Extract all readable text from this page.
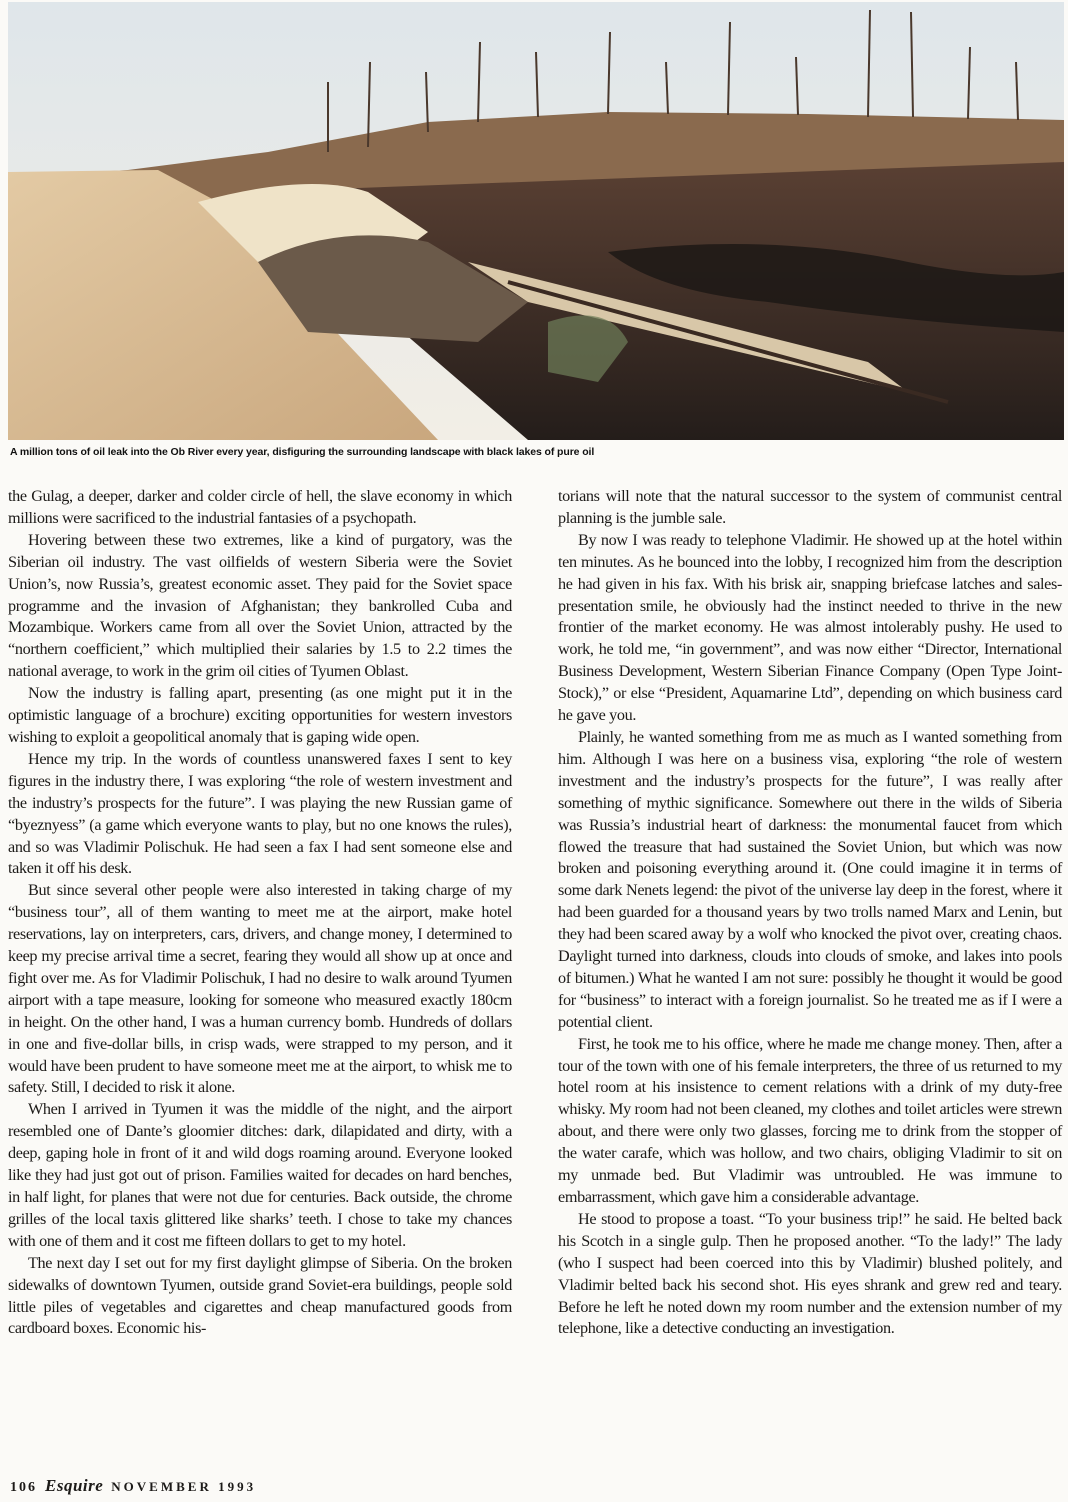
A million tons of oil leak into the Ob River every year, disfiguring the surrounding landscape with black lakes of pure oil

the Gulag, a deeper, darker and colder circle of hell, the slave economy in which millions were sacrificed to the industrial fantasies of a psychopath.

Hovering between these two extremes, like a kind of purgatory, was the Siberian oil industry. The vast oilfields of western Siberia were the Soviet Union’s, now Russia’s, greatest economic asset. They paid for the Soviet space programme and the invasion of Afghanistan; they bankrolled Cuba and Mozambique. Workers came from all over the Soviet Union, attracted by the “northern coefficient,” which multiplied their salaries by 1.5 to 2.2 times the national average, to work in the grim oil cities of Tyumen Oblast.

Now the industry is falling apart, presenting (as one might put it in the optimistic language of a brochure) exciting opportunities for western investors wishing to exploit a geopolitical anomaly that is gaping wide open.

Hence my trip. In the words of countless unanswered faxes I sent to key figures in the industry there, I was exploring “the role of western investment and the industry’s prospects for the future”. I was playing the new Russian game of “byeznyess” (a game which everyone wants to play, but no one knows the rules), and so was Vladimir Polischuk. He had seen a fax I had sent someone else and taken it off his desk.

But since several other people were also interested in taking charge of my “business tour”, all of them wanting to meet me at the airport, make hotel reservations, lay on interpreters, cars, drivers, and change money, I determined to keep my precise arrival time a secret, fearing they would all show up at once and fight over me. As for Vladimir Polischuk, I had no desire to walk around Tyumen airport with a tape measure, looking for someone who measured exactly 180cm in height. On the other hand, I was a human currency bomb. Hundreds of dollars in one and five-dollar bills, in crisp wads, were strapped to my person, and it would have been prudent to have someone meet me at the airport, to whisk me to safety. Still, I decided to risk it alone.

When I arrived in Tyumen it was the middle of the night, and the airport resembled one of Dante’s gloomier ditches: dark, dilapidated and dirty, with a deep, gaping hole in front of it and wild dogs roaming around. Everyone looked like they had just got out of prison. Families waited for decades on hard benches, in half light, for planes that were not due for centuries. Back outside, the chrome grilles of the local taxis glittered like sharks’ teeth. I chose to take my chances with one of them and it cost me fifteen dollars to get to my hotel.

The next day I set out for my first daylight glimpse of Siberia. On the broken sidewalks of downtown Tyumen, outside grand Soviet-era buildings, people sold little piles of vegetables and cigarettes and cheap manufactured goods from cardboard boxes. Economic his-

torians will note that the natural successor to the system of communist central planning is the jumble sale.

By now I was ready to telephone Vladimir. He showed up at the hotel within ten minutes. As he bounced into the lobby, I recognized him from the description he had given in his fax. With his brisk air, snapping briefcase latches and sales-presentation smile, he obviously had the instinct needed to thrive in the new frontier of the market economy. He was almost intolerably pushy. He used to work, he told me, “in government”, and was now either “Director, International Business Development, Western Siberian Finance Company (Open Type Joint-Stock),” or else “President, Aquamarine Ltd”, depending on which business card he gave you.

Plainly, he wanted something from me as much as I wanted something from him. Although I was here on a business visa, exploring “the role of western investment and the industry’s prospects for the future”, I was really after something of mythic significance. Somewhere out there in the wilds of Siberia was Russia’s industrial heart of darkness: the monumental faucet from which flowed the treasure that had sustained the Soviet Union, but which was now broken and poisoning everything around it. (One could imagine it in terms of some dark Nenets legend: the pivot of the universe lay deep in the forest, where it had been guarded for a thousand years by two trolls named Marx and Lenin, but they had been scared away by a wolf who knocked the pivot over, creating chaos. Daylight turned into darkness, clouds into clouds of smoke, and lakes into pools of bitumen.) What he wanted I am not sure: possibly he thought it would be good for “business” to interact with a foreign journalist. So he treated me as if I were a potential client.

First, he took me to his office, where he made me change money. Then, after a tour of the town with one of his female interpreters, the three of us returned to my hotel room at his insistence to cement relations with a drink of my duty-free whisky. My room had not been cleaned, my clothes and toilet articles were strewn about, and there were only two glasses, forcing me to drink from the stopper of the water carafe, which was hollow, and two chairs, obliging Vladimir to sit on my unmade bed. But Vladimir was untroubled. He was immune to embarrassment, which gave him a considerable advantage.

He stood to propose a toast. “To your business trip!” he said. He belted back his Scotch in a single gulp. Then he proposed another. “To the lady!” The lady (who I suspect had been coerced into this by Vladimir) blushed politely, and Vladimir belted back his second shot. His eyes shrank and grew red and teary. Before he left he noted down my room number and the extension number of my telephone, like a detective conducting an investigation.

106 Esquire NOVEMBER 1993
